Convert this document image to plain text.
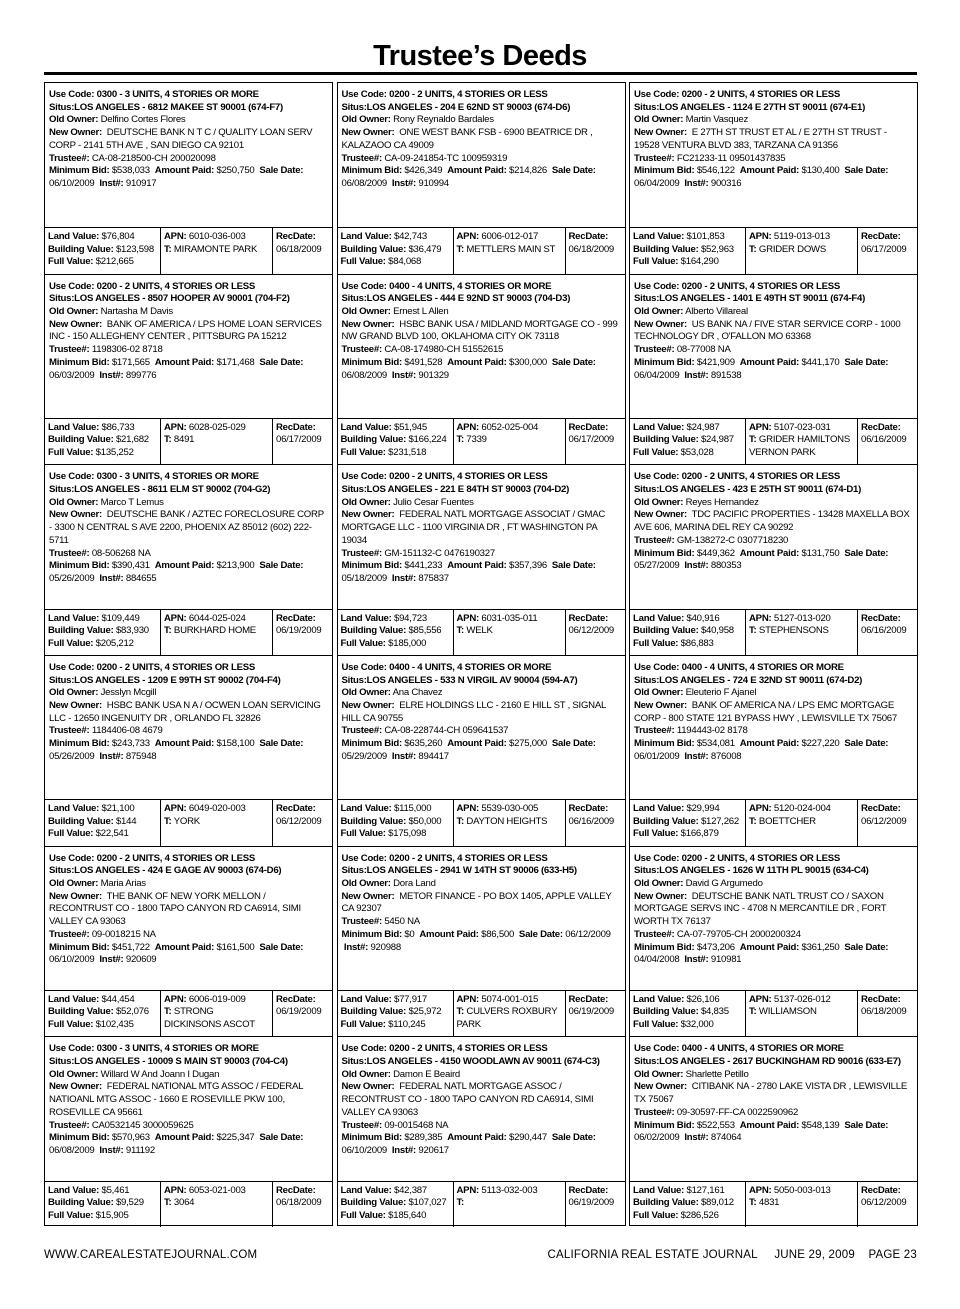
Trustee’s Deeds
Use Code: 0300 - 3 UNITS, 4 STORIES OR MORE
Situs:LOS ANGELES - 6812 MAKEE ST 90001 (674-F7)
Old Owner: Delfino Cortes Flores
New Owner: DEUTSCHE BANK N T C / QUALITY LOAN SERV CORP - 2141 5TH AVE , SAN DIEGO CA 92101
Trustee#: CA-08-218500-CH 200020098
Minimum Bid: $538,033 Amount Paid: $250,750 Sale Date: 06/10/2009 Inst#: 910917
Land Value: $76,804
Building Value: $123,598
Full Value: $212,665
APN: 6010-036-003
T: MIRAMONTE PARK
RecDate:
06/18/2009
Use Code: 0200 - 2 UNITS, 4 STORIES OR LESS
Situs:LOS ANGELES - 8507 HOOPER AV 90001 (704-F2)
Old Owner: Nartasha M Davis
New Owner: BANK OF AMERICA / LPS HOME LOAN SERVICES INC - 150 ALLEGHENY CENTER , PITTSBURG PA 15212
Trustee#: 1198306-02 8718
Minimum Bid: $171,565 Amount Paid: $171,468 Sale Date: 06/03/2009 Inst#: 899776
Land Value: $86,733
Building Value: $21,682
Full Value: $135,252
APN: 6028-025-029
T: 8491
RecDate:
06/17/2009
Use Code: 0300 - 3 UNITS, 4 STORIES OR MORE
Situs:LOS ANGELES - 8611 ELM ST 90002 (704-G2)
Old Owner: Marco T Lemus
New Owner: DEUTSCHE BANK / AZTEC FORECLOSURE CORP - 3300 N CENTRAL S AVE 2200, PHOENIX AZ 85012 (602) 222-5711
Trustee#: 08-506268 NA
Minimum Bid: $390,431 Amount Paid: $213,900 Sale Date: 05/26/2009 Inst#: 884655
Land Value: $109,449
Building Value: $83,930
Full Value: $205,212
APN: 6044-025-024
T: BURKHARD HOME
RecDate:
06/19/2009
Use Code: 0200 - 2 UNITS, 4 STORIES OR LESS
Situs:LOS ANGELES - 1209 E 99TH ST 90002 (704-F4)
Old Owner: Jesslyn Mcgill
New Owner: HSBC BANK USA N A / OCWEN LOAN SERVICING LLC - 12650 INGENUITY DR , ORLANDO FL 32826
Trustee#: 1184406-08 4679
Minimum Bid: $243,733 Amount Paid: $158,100 Sale Date: 05/26/2009 Inst#: 875948
Land Value: $21,100
Building Value: $144
Full Value: $22,541
APN: 6049-020-003
T: YORK
RecDate:
06/12/2009
Use Code: 0200 - 2 UNITS, 4 STORIES OR LESS
Situs:LOS ANGELES - 424 E GAGE AV 90003 (674-D6)
Old Owner: Maria Arias
New Owner: THE BANK OF NEW YORK MELLON / RECONTRUST CO - 1800 TAPO CANYON RD CA6914, SIMI VALLEY CA 93063
Trustee#: 09-0018215 NA
Minimum Bid: $451,722 Amount Paid: $161,500 Sale Date: 06/10/2009 Inst#: 920609
Land Value: $44,454
Building Value: $52,076
Full Value: $102,435
APN: 6006-019-009
T: STRONG DICKINSONS ASCOT
RecDate:
06/19/2009
Use Code: 0300 - 3 UNITS, 4 STORIES OR MORE
Situs:LOS ANGELES - 10009 S MAIN ST 90003 (704-C4)
Old Owner: Willard W And Joann I Dugan
New Owner: FEDERAL NATIONAL MTG ASSOC / FEDERAL NATIOANL MTG ASSOC - 1660 E ROSEVILLE PKW 100, ROSEVILLE CA 95661
Trustee#: CA0532145 3000059625
Minimum Bid: $570,963 Amount Paid: $225,347 Sale Date: 06/08/2009 Inst#: 911192
Land Value: $5,461
Building Value: $9,529
Full Value: $15,905
APN: 6053-021-003
T: 3064
RecDate:
06/18/2009
Use Code: 0200 - 2 UNITS, 4 STORIES OR LESS
Situs:LOS ANGELES - 204 E 62ND ST 90003 (674-D6)
Old Owner: Rony Reynaldo Bardales
New Owner: ONE WEST BANK FSB - 6900 BEATRICE DR , KALAZAOO CA 49009
Trustee#: CA-09-241854-TC 100959319
Minimum Bid: $426,349 Amount Paid: $214,826 Sale Date: 06/08/2009 Inst#: 910994
Land Value: $42,743
Building Value: $36,479
Full Value: $84,068
APN: 6006-012-017
T: METTLERS MAIN ST
RecDate:
06/18/2009
Use Code: 0400 - 4 UNITS, 4 STORIES OR MORE
Situs:LOS ANGELES - 444 E 92ND ST 90003 (704-D3)
Old Owner: Ernest L Allen
New Owner: HSBC BANK USA / MIDLAND MORTGAGE CO - 999 NW GRAND BLVD 100, OKLAHOMA CITY OK 73118
Trustee#: CA-08-174980-CH 51552615
Minimum Bid: $491,528 Amount Paid: $300,000 Sale Date: 06/08/2009 Inst#: 901329
Land Value: $51,945
Building Value: $166,224
Full Value: $231,518
APN: 6052-025-004
T: 7339
RecDate:
06/17/2009
Use Code: 0200 - 2 UNITS, 4 STORIES OR LESS
Situs:LOS ANGELES - 221 E 84TH ST 90003 (704-D2)
Old Owner: Julio Cesar Fuentes
New Owner: FEDERAL NATL MORTGAGE ASSOCIAT / GMAC MORTGAGE LLC - 1100 VIRGINIA DR , FT WASHINGTON PA 19034
Trustee#: GM-151132-C 0476190327
Minimum Bid: $441,233 Amount Paid: $357,396 Sale Date: 05/18/2009 Inst#: 875837
Land Value: $94,723
Building Value: $85,556
Full Value: $185,000
APN: 6031-035-011
T: WELK
RecDate:
06/12/2009
Use Code: 0400 - 4 UNITS, 4 STORIES OR MORE
Situs:LOS ANGELES - 533 N VIRGIL AV 90004 (594-A7)
Old Owner: Ana Chavez
New Owner: ELRE HOLDINGS LLC - 2160 E HILL ST , SIGNAL HILL CA 90755
Trustee#: CA-08-228744-CH 059641537
Minimum Bid: $635,260 Amount Paid: $275,000 Sale Date: 05/29/2009 Inst#: 894417
Land Value: $115,000
Building Value: $50,000
Full Value: $175,098
APN: 5539-030-005
T: DAYTON HEIGHTS
RecDate:
06/16/2009
Use Code: 0200 - 2 UNITS, 4 STORIES OR LESS
Situs:LOS ANGELES - 2941 W 14TH ST 90006 (633-H5)
Old Owner: Dora Land
New Owner: METOR FINANCE - PO BOX 1405, APPLE VALLEY CA 92307
Trustee#: 5450 NA
Minimum Bid: $0 Amount Paid: $86,500 Sale Date: 06/12/2009  Inst#: 920988
Land Value: $77,917
Building Value: $25,972
Full Value: $110,245
APN: 5074-001-015
T: CULVERS ROXBURY PARK
RecDate:
06/19/2009
Use Code: 0200 - 2 UNITS, 4 STORIES OR LESS
Situs:LOS ANGELES - 4150 WOODLAWN AV 90011 (674-C3)
Old Owner: Damon E Beaird
New Owner: FEDERAL NATL MORTGAGE ASSOC / RECONTRUST CO - 1800 TAPO CANYON RD CA6914, SIMI VALLEY CA 93063
Trustee#: 09-0015468 NA
Minimum Bid: $289,385 Amount Paid: $290,447 Sale Date: 06/10/2009 Inst#: 920617
Land Value: $42,387
Building Value: $107,027
Full Value: $185,640
APN: 5113-032-003
T:
RecDate:
06/19/2009
Use Code: 0200 - 2 UNITS, 4 STORIES OR LESS
Situs:LOS ANGELES - 1124 E 27TH ST 90011 (674-E1)
Old Owner: Martin Vasquez
New Owner: E 27TH ST TRUST ET AL / E 27TH ST TRUST - 19528 VENTURA BLVD 383, TARZANA CA 91356
Trustee#: FC21233-11 09501437835
Minimum Bid: $546,122 Amount Paid: $130,400 Sale Date: 06/04/2009 Inst#: 900316
Land Value: $101,853
Building Value: $52,963
Full Value: $164,290
APN: 5119-013-013
T: GRIDER DOWS
RecDate:
06/17/2009
Use Code: 0200 - 2 UNITS, 4 STORIES OR LESS
Situs:LOS ANGELES - 1401 E 49TH ST 90011 (674-F4)
Old Owner: Alberto Villareal
New Owner: US BANK NA / FIVE STAR SERVICE CORP - 1000 TECHNOLOGY DR , O'FALLON MO 63368
Trustee#: 08-77008 NA
Minimum Bid: $421,909 Amount Paid: $441,170 Sale Date: 06/04/2009 Inst#: 891538
Land Value: $24,987
Building Value: $24,987
Full Value: $53,028
APN: 5107-023-031
T: GRIDER HAMILTONS VERNON PARK
RecDate:
06/16/2009
Use Code: 0200 - 2 UNITS, 4 STORIES OR LESS
Situs:LOS ANGELES - 423 E 25TH ST 90011 (674-D1)
Old Owner: Reyes Hernandez
New Owner: TDC PACIFIC PROPERTIES - 13428 MAXELLA BOX AVE 606, MARINA DEL REY CA 90292
Trustee#: GM-138272-C 0307718230
Minimum Bid: $449,362 Amount Paid: $131,750 Sale Date: 05/27/2009 Inst#: 880353
Land Value: $40,916
Building Value: $40,958
Full Value: $86,883
APN: 5127-013-020
T: STEPHENSONS
RecDate:
06/16/2009
Use Code: 0400 - 4 UNITS, 4 STORIES OR MORE
Situs:LOS ANGELES - 724 E 32ND ST 90011 (674-D2)
Old Owner: Eleuterio F Ajanel
New Owner: BANK OF AMERICA NA / LPS EMC MORTGAGE CORP - 800 STATE 121 BYPASS HWY , LEWISVILLE TX 75067
Trustee#: 1194443-02 8178
Minimum Bid: $534,081 Amount Paid: $227,220 Sale Date: 06/01/2009 Inst#: 876008
Land Value: $29,994
Building Value: $127,262
Full Value: $166,879
APN: 5120-024-004
T: BOETTCHER
RecDate:
06/12/2009
Use Code: 0200 - 2 UNITS, 4 STORIES OR LESS
Situs:LOS ANGELES - 1626 W 11TH PL 90015 (634-C4)
Old Owner: David G Argumedo
New Owner: DEUTSCHE BANK NATL TRUST CO / SAXON MORTGAGE SERVS INC - 4708 N MERCANTILE DR , FORT WORTH TX 76137
Trustee#: CA-07-79705-CH 2000200324
Minimum Bid: $473,206 Amount Paid: $361,250 Sale Date: 04/04/2008 Inst#: 910981
Land Value: $26,106
Building Value: $4,835
Full Value: $32,000
APN: 5137-026-012
T: WILLIAMSON
RecDate:
06/18/2009
Use Code: 0400 - 4 UNITS, 4 STORIES OR MORE
Situs:LOS ANGELES - 2617 BUCKINGHAM RD 90016 (633-E7)
Old Owner: Sharlette Petillo
New Owner: CITIBANK NA - 2780 LAKE VISTA DR , LEWISVILLE TX 75067
Trustee#: 09-30597-FF-CA 0022590962
Minimum Bid: $522,553 Amount Paid: $548,139 Sale Date: 06/02/2009 Inst#: 874064
Land Value: $127,161
Building Value: $89,012
Full Value: $286,526
APN: 5050-003-013
T: 4831
RecDate:
06/12/2009
WWW.CAREALESTATEJOURNAL.COM	CALIFORNIA REAL ESTATE JOURNAL     JUNE 29, 2009    PAGE 23
